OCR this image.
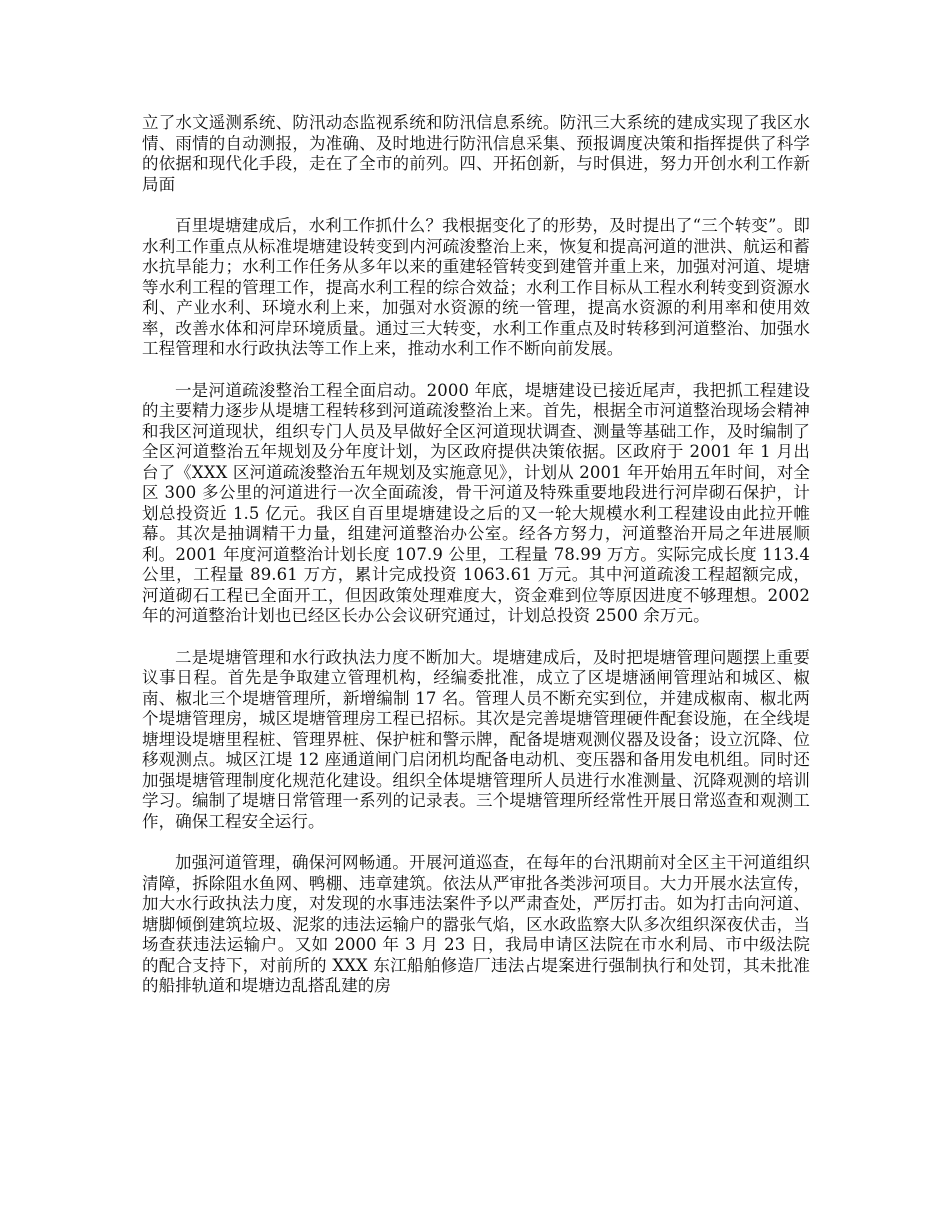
立了水文遥测系统、防汛动态监视系统和防汛信息系统。防汛三大系统的建成实现了我区水情、雨情的自动测报，为准确、及时地进行防汛信息采集、预报调度决策和指挥提供了科学的依据和现代化手段，走在了全市的前列。四、开拓创新，与时俱进，努力开创水利工作新局面

百里堤塘建成后，水利工作抓什么？我根据变化了的形势，及时提出了“三个转变”。即水利工作重点从标准堤塘建设转变到内河疏浚整治上来，恢复和提高河道的泄洪、航运和蓄水抗旱能力；水利工作任务从多年以来的重建轻管转变到建管并重上来，加强对河道、堤塘等水利工程的管理工作，提高水利工程的综合效益；水利工作目标从工程水利转变到资源水利、产业水利、环境水利上来，加强对水资源的统一管理，提高水资源的利用率和使用效率，改善水体和河岸环境质量。通过三大转变，水利工作重点及时转移到河道整治、加强水工程管理和水行政执法等工作上来，推动水利工作不断向前发展。

一是河道疏浚整治工程全面启动。2000 年底，堤塘建设已接近尾声，我把抓工程建设的主要精力逐步从堤塘工程转移到河道疏浚整治上来。首先，根据全市河道整治现场会精神和我区河道现状，组织专门人员及早做好全区河道现状调查、测量等基础工作，及时编制了全区河道整治五年规划及分年度计划，为区政府提供决策依据。区政府于 2001 年 1 月出台了《XXX 区河道疏浚整治五年规划及实施意见》，计划从 2001 年开始用五年时间，对全区 300 多公里的河道进行一次全面疏浚，骨干河道及特殊重要地段进行河岸砌石保护，计划总投资近 1.5 亿元。我区自百里堤塘建设之后的又一轮大规模水利工程建设由此拉开帷幕。其次是抽调精干力量，组建河道整治办公室。经各方努力，河道整治开局之年进展顺利。2001 年度河道整治计划长度 107.9 公里，工程量 78.99 万方。实际完成长度 113.4 公里，工程量 89.61 万方，累计完成投资 1063.61 万元。其中河道疏浚工程超额完成，河道砌石工程已全面开工，但因政策处理难度大，资金难到位等原因进度不够理想。2002 年的河道整治计划也已经区长办公会议研究通过，计划总投资 2500 余万元。

二是堤塘管理和水行政执法力度不断加大。堤塘建成后，及时把堤塘管理问题摆上重要议事日程。首先是争取建立管理机构，经编委批准，成立了区堤塘涵闸管理站和城区、椒南、椒北三个堤塘管理所，新增编制 17 名。管理人员不断充实到位，并建成椒南、椒北两个堤塘管理房，城区堤塘管理房工程已招标。其次是完善堤塘管理硬件配套设施，在全线堤塘埋设堤塘里程桩、管理界桩、保护桩和警示牌，配备堤塘观测仪器及设备；设立沉降、位移观测点。城区江堤 12 座通道闸门启闭机均配备电动机、变压器和备用发电机组。同时还加强堤塘管理制度化规范化建设。组织全体堤塘管理所人员进行水准测量、沉降观测的培训学习。编制了堤塘日常管理一系列的记录表。三个堤塘管理所经常性开展日常巡查和观测工作，确保工程安全运行。

加强河道管理，确保河网畅通。开展河道巡查，在每年的台汛期前对全区主干河道组织清障，拆除阻水鱼网、鸭棚、违章建筑。依法从严审批各类涉河项目。大力开展水法宣传，加大水行政执法力度，对发现的水事违法案件予以严肃查处，严厉打击。如为打击向河道、塘脚倾倒建筑垃圾、泥浆的违法运输户的嚣张气焰，区水政监察大队多次组织深夜伏击，当场查获违法运输户。又如 2000 年 3 月 23 日，我局申请区法院在市水利局、市中级法院的配合支持下，对前所的 XXX 东江船舶修造厂违法占堤案进行强制执行和处罚，其未批准的船排轨道和堤塘边乱搭乱建的房
